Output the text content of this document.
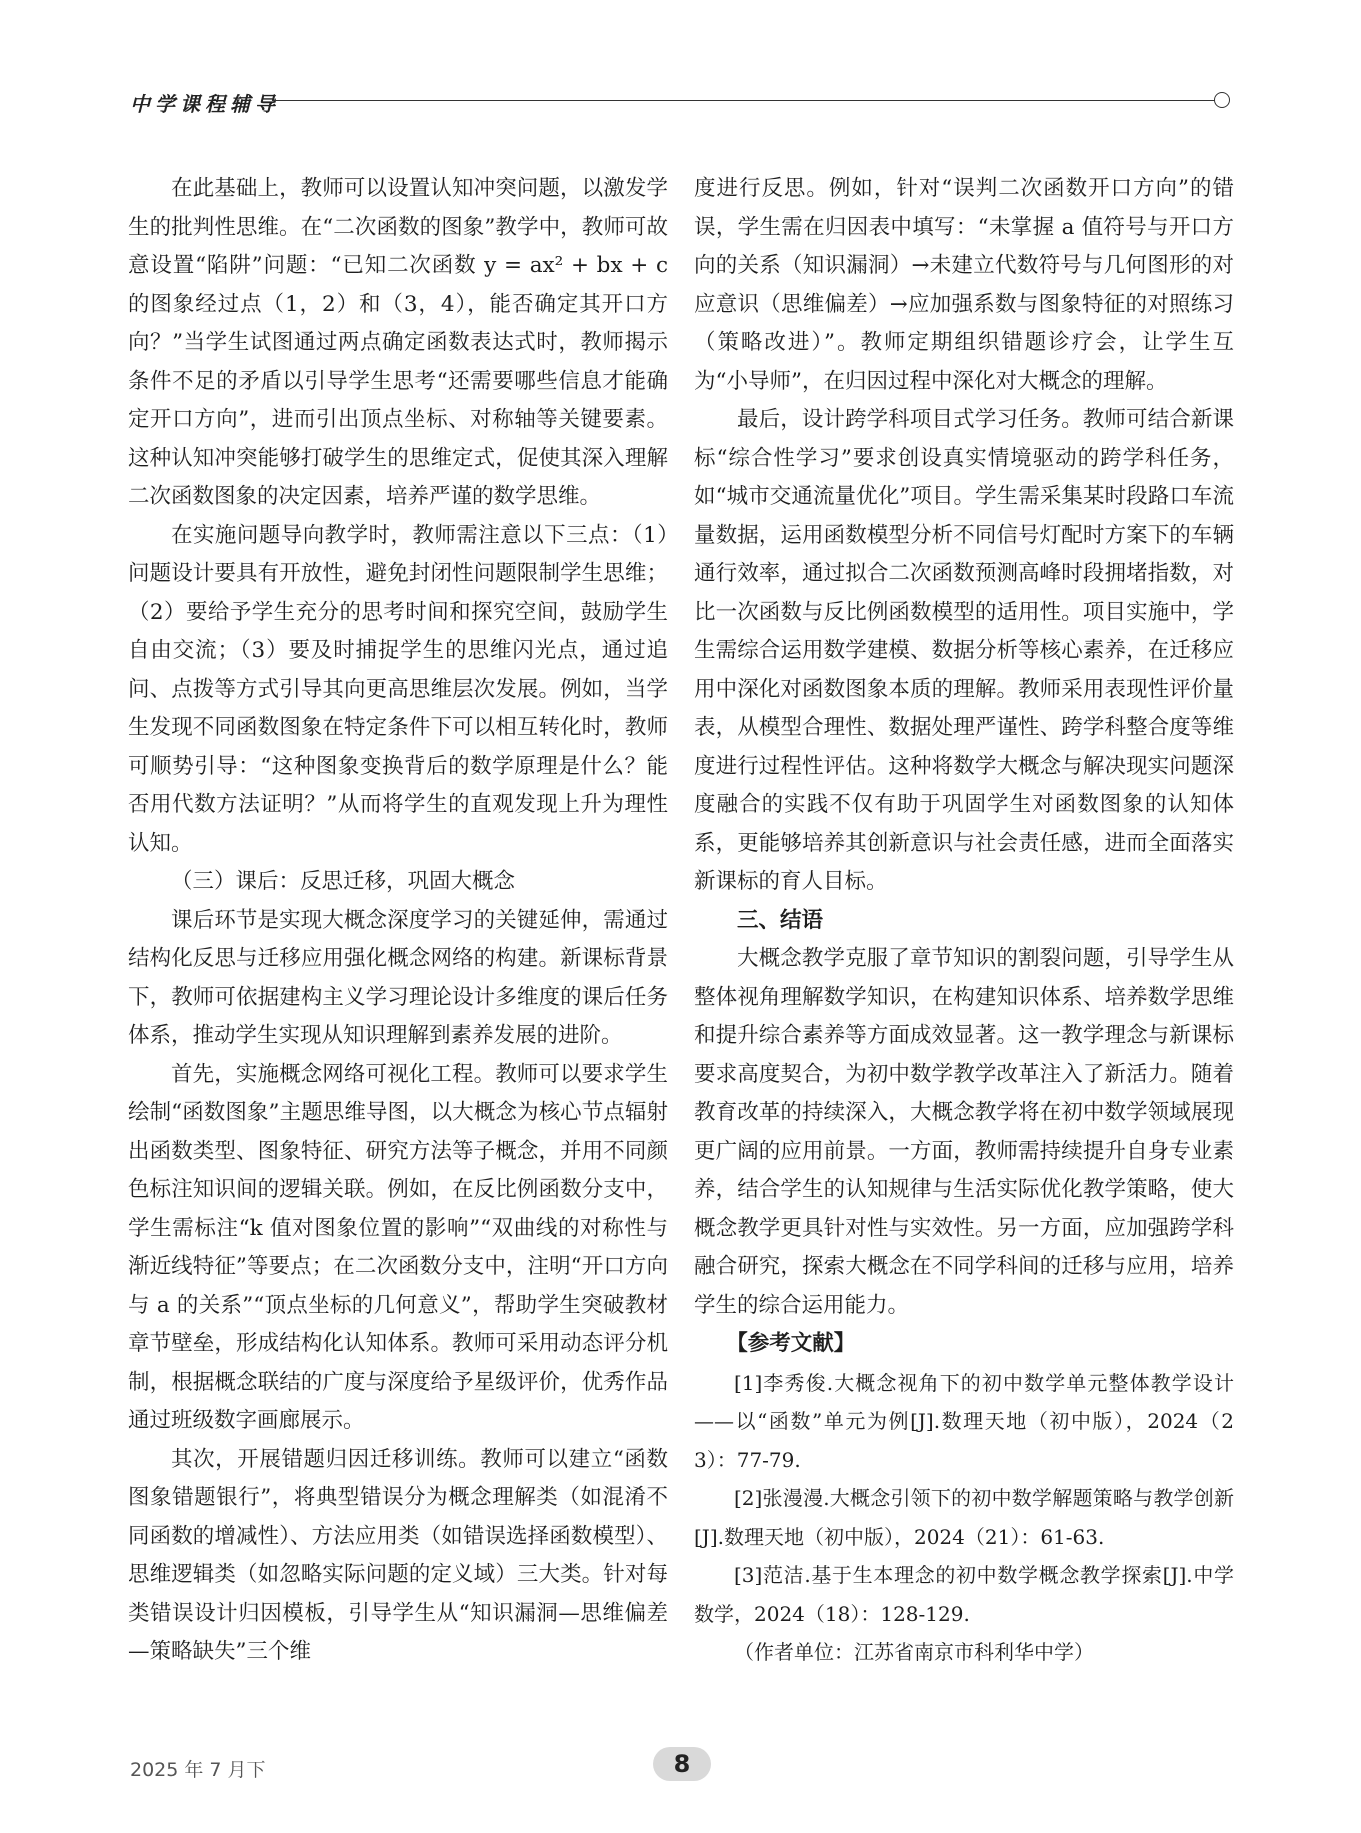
中学课程辅导

在此基础上，教师可以设置认知冲突问题，以激发学生的批判性思维。在“二次函数的图象”教学中，教师可故意设置“陷阱”问题：“已知二次函数 y = ax² + bx + c 的图象经过点（1，2）和（3，4），能否确定其开口方向？”当学生试图通过两点确定函数表达式时，教师揭示条件不足的矛盾以引导学生思考“还需要哪些信息才能确定开口方向”，进而引出顶点坐标、对称轴等关键要素。这种认知冲突能够打破学生的思维定式，促使其深入理解二次函数图象的决定因素，培养严谨的数学思维。

在实施问题导向教学时，教师需注意以下三点：（1）问题设计要具有开放性，避免封闭性问题限制学生思维；（2）要给予学生充分的思考时间和探究空间，鼓励学生自由交流；（3）要及时捕捉学生的思维闪光点，通过追问、点拨等方式引导其向更高思维层次发展。例如，当学生发现不同函数图象在特定条件下可以相互转化时，教师可顺势引导：“这种图象变换背后的数学原理是什么？能否用代数方法证明？”从而将学生的直观发现上升为理性认知。

（三）课后：反思迁移，巩固大概念

课后环节是实现大概念深度学习的关键延伸，需通过结构化反思与迁移应用强化概念网络的构建。新课标背景下，教师可依据建构主义学习理论设计多维度的课后任务体系，推动学生实现从知识理解到素养发展的进阶。

首先，实施概念网络可视化工程。教师可以要求学生绘制“函数图象”主题思维导图，以大概念为核心节点辐射出函数类型、图象特征、研究方法等子概念，并用不同颜色标注知识间的逻辑关联。例如，在反比例函数分支中，学生需标注“k 值对图象位置的影响”“双曲线的对称性与渐近线特征”等要点；在二次函数分支中，注明“开口方向与 a 的关系”“顶点坐标的几何意义”，帮助学生突破教材章节壁垒，形成结构化认知体系。教师可采用动态评分机制，根据概念联结的广度与深度给予星级评价，优秀作品通过班级数字画廊展示。

其次，开展错题归因迁移训练。教师可以建立“函数图象错题银行”，将典型错误分为概念理解类（如混淆不同函数的增减性）、方法应用类（如错误选择函数模型）、思维逻辑类（如忽略实际问题的定义域）三大类。针对每类错误设计归因模板，引导学生从“知识漏洞—思维偏差—策略缺失”三个维

度进行反思。例如，针对“误判二次函数开口方向”的错误，学生需在归因表中填写：“未掌握 a 值符号与开口方向的关系（知识漏洞）→未建立代数符号与几何图形的对应意识（思维偏差）→应加强系数与图象特征的对照练习（策略改进）”。教师定期组织错题诊疗会，让学生互为“小导师”，在归因过程中深化对大概念的理解。

最后，设计跨学科项目式学习任务。教师可结合新课标“综合性学习”要求创设真实情境驱动的跨学科任务，如“城市交通流量优化”项目。学生需采集某时段路口车流量数据，运用函数模型分析不同信号灯配时方案下的车辆通行效率，通过拟合二次函数预测高峰时段拥堵指数，对比一次函数与反比例函数模型的适用性。项目实施中，学生需综合运用数学建模、数据分析等核心素养，在迁移应用中深化对函数图象本质的理解。教师采用表现性评价量表，从模型合理性、数据处理严谨性、跨学科整合度等维度进行过程性评估。这种将数学大概念与解决现实问题深度融合的实践不仅有助于巩固学生对函数图象的认知体系，更能够培养其创新意识与社会责任感，进而全面落实新课标的育人目标。

三、结语

大概念教学克服了章节知识的割裂问题，引导学生从整体视角理解数学知识，在构建知识体系、培养数学思维和提升综合素养等方面成效显著。这一教学理念与新课标要求高度契合，为初中数学教学改革注入了新活力。随着教育改革的持续深入，大概念教学将在初中数学领域展现更广阔的应用前景。一方面，教师需持续提升自身专业素养，结合学生的认知规律与生活实际优化教学策略，使大概念教学更具针对性与实效性。另一方面，应加强跨学科融合研究，探索大概念在不同学科间的迁移与应用，培养学生的综合运用能力。

【参考文献】

[1]李秀俊.大概念视角下的初中数学单元整体教学设计——以“函数”单元为例[J].数理天地（初中版），2024（23）：77-79.

[2]张漫漫.大概念引领下的初中数学解题策略与教学创新[J].数理天地（初中版），2024（21）：61-63.

[3]范洁.基于生本理念的初中数学概念教学探索[J].中学数学，2024（18）：128-129.

（作者单位：江苏省南京市科利华中学）

2025 年 7 月下	8
